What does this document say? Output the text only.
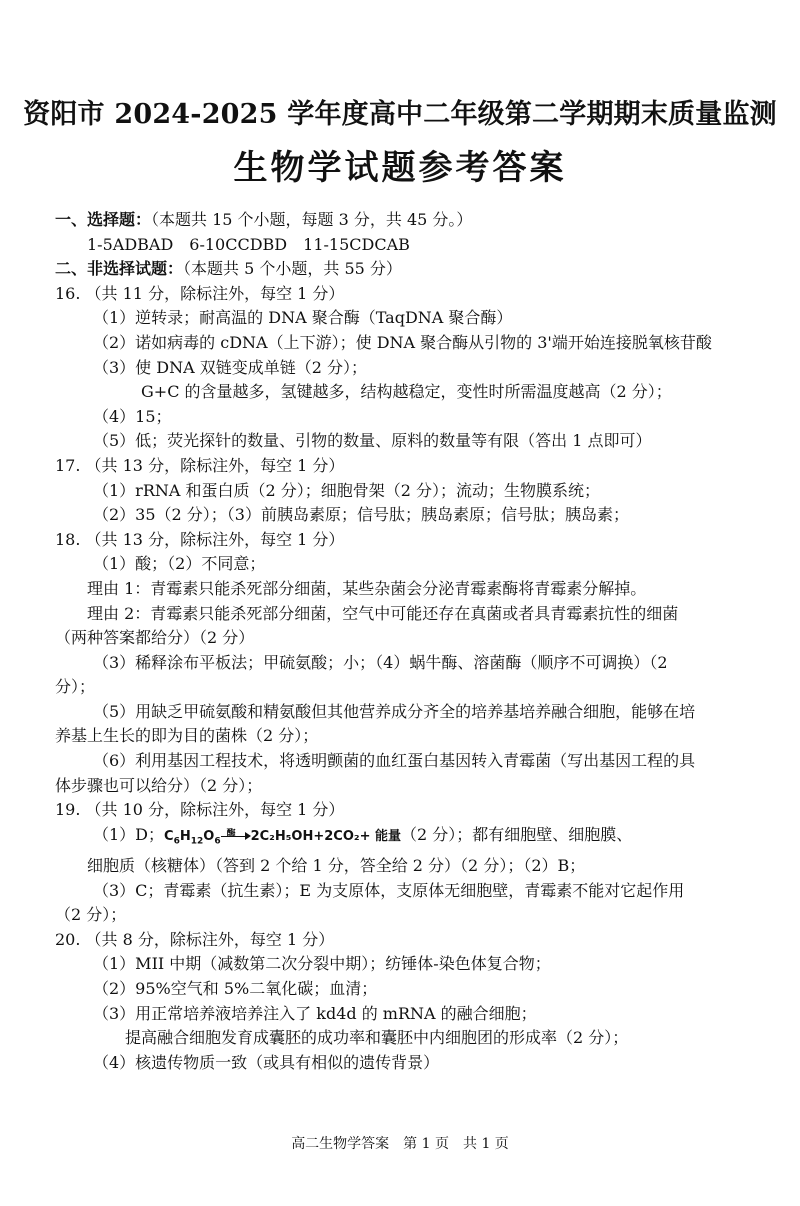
资阳市 2024-2025 学年度高中二年级第二学期期末质量监测
生物学试题参考答案
一、选择题：（本题共 15 个小题，每题 3 分，共 45 分。）
1-5ADBAD　6-10CCDBD　11-15CDCAB
二、非选择试题：（本题共 5 个小题，共 55 分）
16. （共 11 分，除标注外，每空 1 分）
（1）逆转录；耐高温的 DNA 聚合酶（TaqDNA 聚合酶）
（2）诺如病毒的 cDNA（上下游）；使 DNA 聚合酶从引物的 3'端开始连接脱氧核苷酸
（3）使 DNA 双链变成单链（2 分）；
G+C 的含量越多，氢键越多，结构越稳定，变性时所需温度越高（2 分）；
（4）15；
（5）低；荧光探针的数量、引物的数量、原料的数量等有限（答出 1 点即可）
17. （共 13 分，除标注外，每空 1 分）
（1）rRNA 和蛋白质（2 分）；细胞骨架（2 分）；流动；生物膜系统；
（2）35（2 分）；（3）前胰岛素原；信号肽；胰岛素原；信号肽；胰岛素；
18. （共 13 分，除标注外，每空 1 分）
（1）酸；（2）不同意；
理由 1：青霉素只能杀死部分细菌，某些杂菌会分泌青霉素酶将青霉素分解掉。
理由 2：青霉素只能杀死部分细菌，空气中可能还存在真菌或者具青霉素抗性的细菌
（两种答案都给分）（2 分）
（3）稀释涂布平板法；甲硫氨酸；小；（4）蜗牛酶、溶菌酶（顺序不可调换）（2
分）；
（5）用缺乏甲硫氨酸和精氨酸但其他营养成分齐全的培养基培养融合细胞，能够在培
养基上生长的即为目的菌株（2 分）；
（6）利用基因工程技术，将透明颤菌的血红蛋白基因转入青霉菌（写出基因工程的具
体步骤也可以给分）（2 分）；
19. （共 10 分，除标注外，每空 1 分）
（1）D；$C_6H_{12}O_6$
酶 2C₂H₅OH+2CO₂+ 能量（2 分）；都有细胞壁、细胞膜、
细胞质（核糖体）（答到 2 个给 1 分，答全给 2 分）（2 分）；（2）B；
（3）C；青霉素（抗生素）；E 为支原体，支原体无细胞壁，青霉素不能对它起作用
（2 分）；
20. （共 8 分，除标注外，每空 1 分）
（1）MII 中期（减数第二次分裂中期）；纺锤体-染色体复合物；
（2）95%空气和 5%二氧化碳；血清；
（3）用正常培养液培养注入了 kd4d 的 mRNA 的融合细胞；
提高融合细胞发育成囊胚的成功率和囊胚中内细胞团的形成率（2 分）；
（4）核遗传物质一致（或具有相似的遗传背景）
高二生物学答案　第 1 页　共 1 页
